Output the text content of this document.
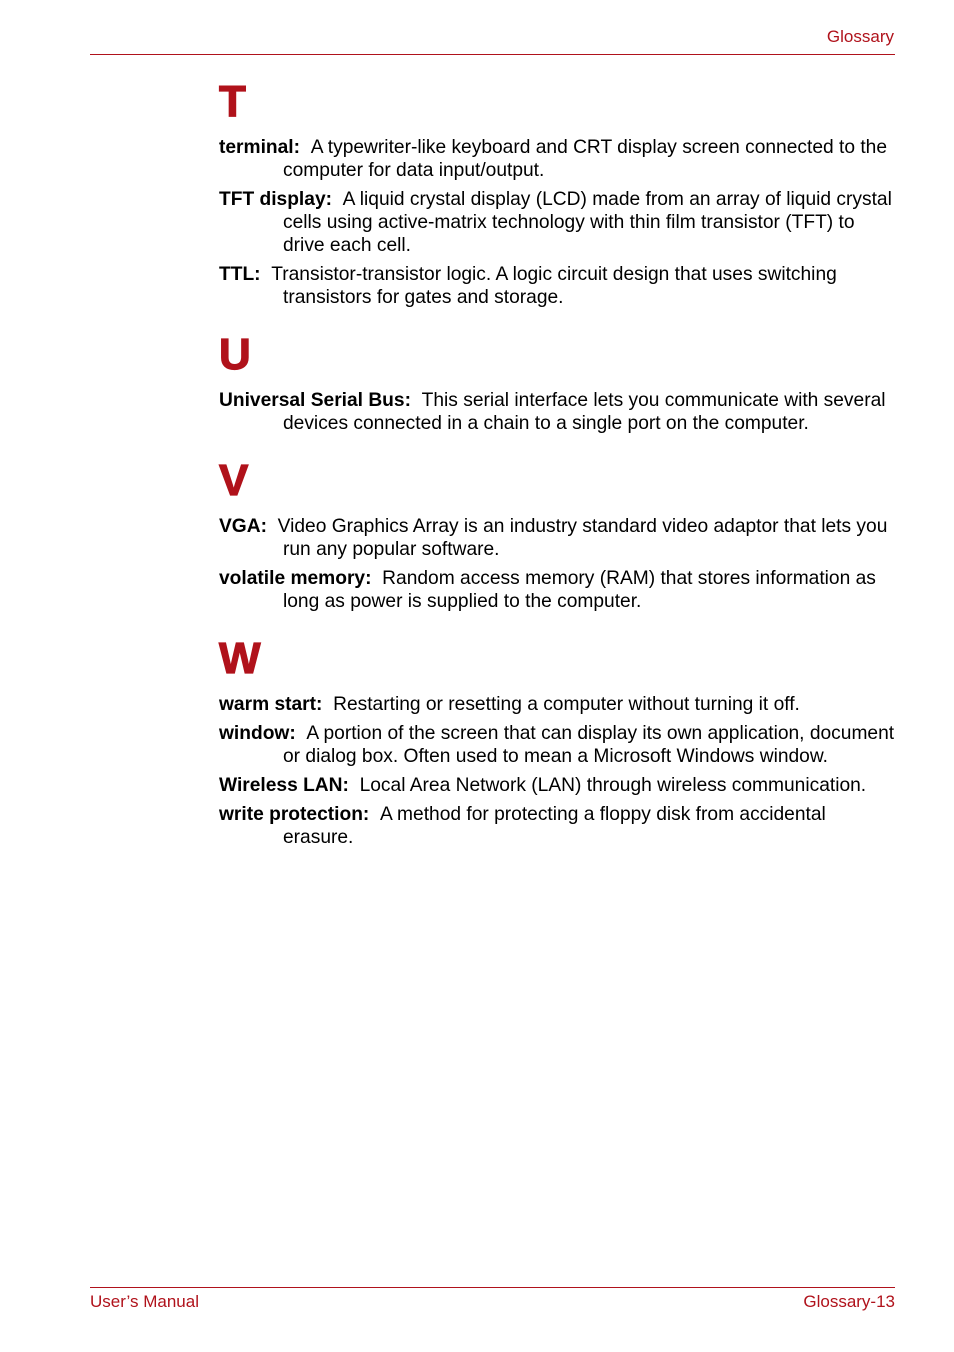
Glossary
T
terminal: A typewriter-like keyboard and CRT display screen connected to the computer for data input/output.
TFT display: A liquid crystal display (LCD) made from an array of liquid crystal cells using active-matrix technology with thin film transistor (TFT) to drive each cell.
TTL: Transistor-transistor logic. A logic circuit design that uses switching transistors for gates and storage.
U
Universal Serial Bus: This serial interface lets you communicate with several devices connected in a chain to a single port on the computer.
V
VGA: Video Graphics Array is an industry standard video adaptor that lets you run any popular software.
volatile memory: Random access memory (RAM) that stores information as long as power is supplied to the computer.
W
warm start: Restarting or resetting a computer without turning it off.
window: A portion of the screen that can display its own application, document or dialog box. Often used to mean a Microsoft Windows window.
Wireless LAN: Local Area Network (LAN) through wireless communication.
write protection: A method for protecting a floppy disk from accidental erasure.
User’s Manual	Glossary-13
